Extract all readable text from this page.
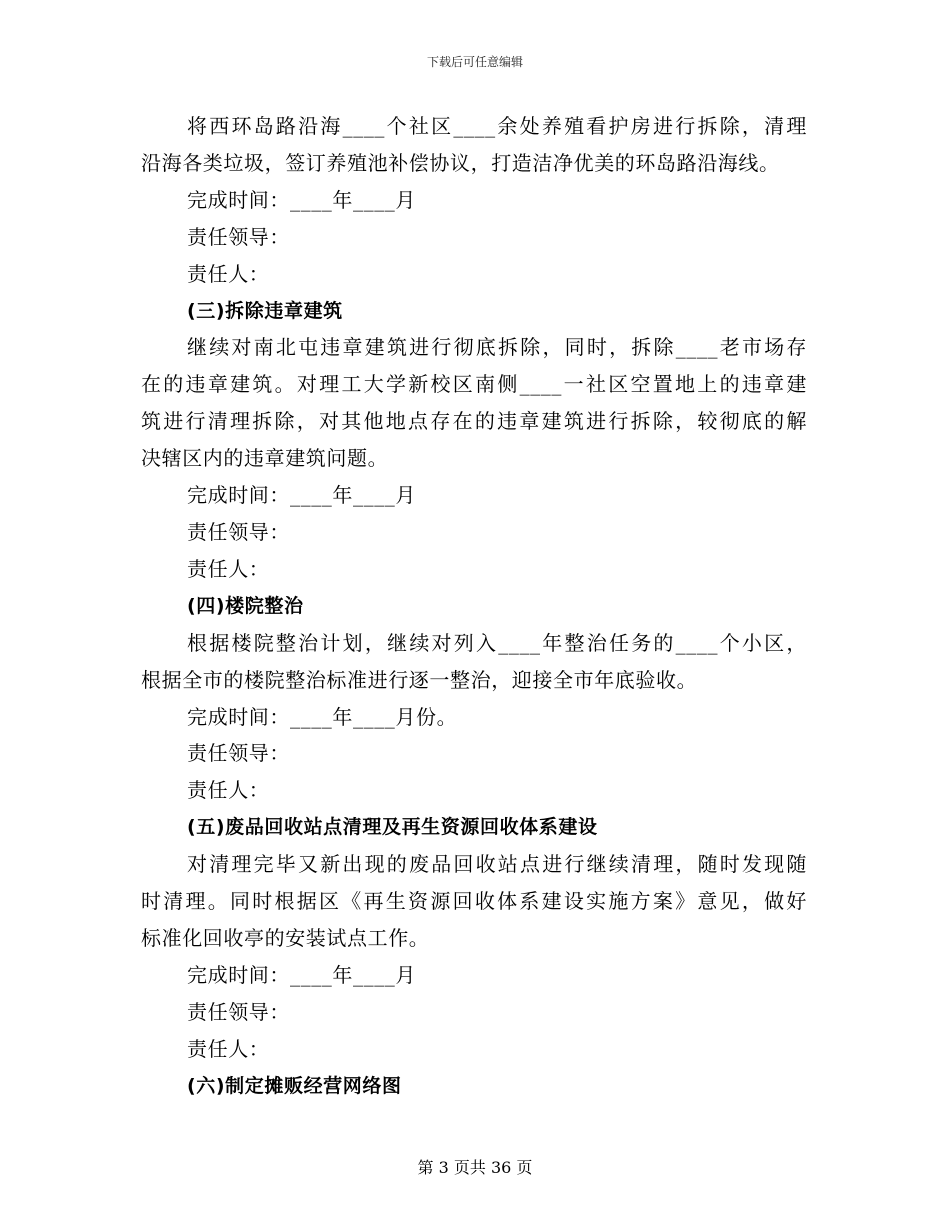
下载后可任意编辑
将西环岛路沿海____个社区____余处养殖看护房进行拆除，清理
沿海各类垃圾，签订养殖池补偿协议，打造洁净优美的环岛路沿海线。
完成时间：____年____月
责任领导：
责任人：
(三)拆除违章建筑
继续对南北屯违章建筑进行彻底拆除，同时，拆除____老市场存
在的违章建筑。对理工大学新校区南侧____一社区空置地上的违章建
筑进行清理拆除，对其他地点存在的违章建筑进行拆除，较彻底的解
决辖区内的违章建筑问题。
完成时间：____年____月
责任领导：
责任人：
(四)楼院整治
根据楼院整治计划，继续对列入____年整治任务的____个小区，
根据全市的楼院整治标准进行逐一整治，迎接全市年底验收。
完成时间：____年____月份。
责任领导：
责任人：
(五)废品回收站点清理及再生资源回收体系建设
对清理完毕又新出现的废品回收站点进行继续清理，随时发现随
时清理。同时根据区《再生资源回收体系建设实施方案》意见，做好
标准化回收亭的安装试点工作。
完成时间：____年____月
责任领导：
责任人：
(六)制定摊贩经营网络图
第 3 页共 36 页
